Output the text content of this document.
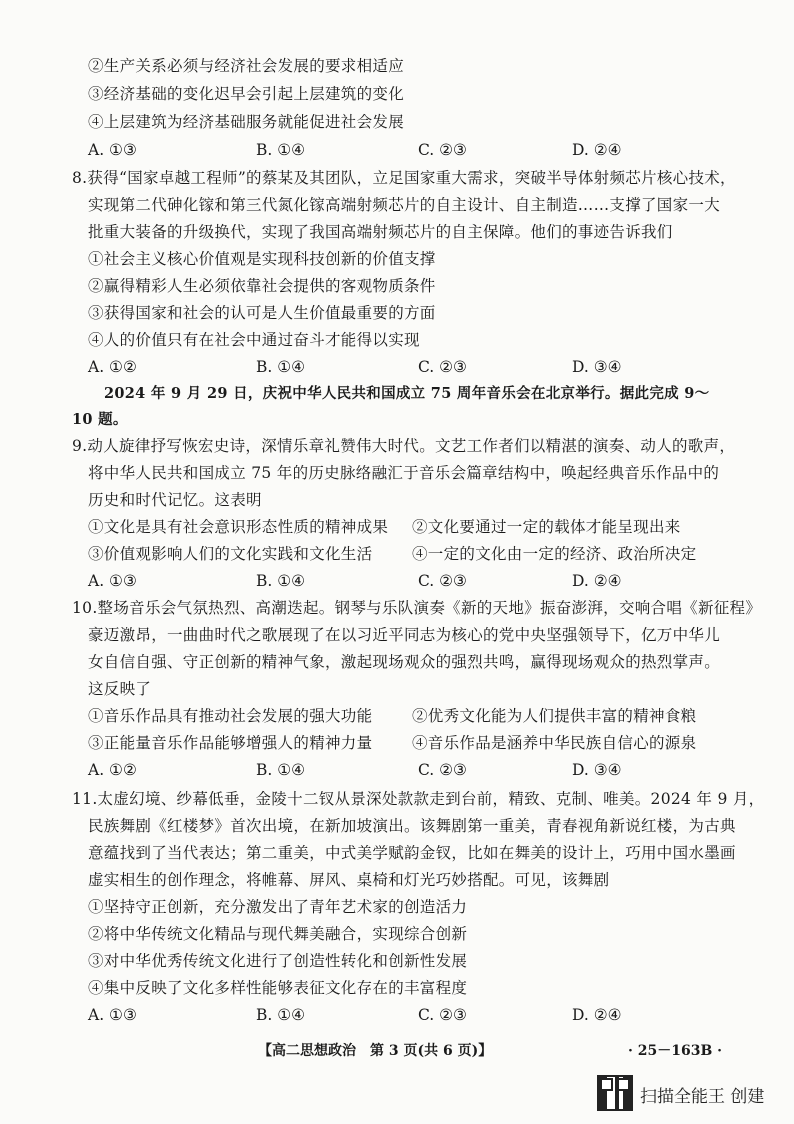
②生产关系必须与经济社会发展的要求相适应
③经济基础的变化迟早会引起上层建筑的变化
④上层建筑为经济基础服务就能促进社会发展
A. ①③	B. ①④	C. ②③	D. ②④
8.获得“国家卓越工程师”的蔡某及其团队，立足国家重大需求，突破半导体射频芯片核心技术，
实现第二代砷化镓和第三代氮化镓高端射频芯片的自主设计、自主制造……支撑了国家一大
批重大装备的升级换代，实现了我国高端射频芯片的自主保障。他们的事迹告诉我们
①社会主义核心价值观是实现科技创新的价值支撑
②赢得精彩人生必须依靠社会提供的客观物质条件
③获得国家和社会的认可是人生价值最重要的方面
④人的价值只有在社会中通过奋斗才能得以实现
A. ①②	B. ①④	C. ②③	D. ③④
2024 年 9 月 29 日，庆祝中华人民共和国成立 75 周年音乐会在北京举行。据此完成 9～
10 题。
9.动人旋律抒写恢宏史诗，深情乐章礼赞伟大时代。文艺工作者们以精湛的演奏、动人的歌声，
将中华人民共和国成立 75 年的历史脉络融汇于音乐会篇章结构中，唤起经典音乐作品中的
历史和时代记忆。这表明
①文化是具有社会意识形态性质的精神成果 ②文化要通过一定的载体才能呈现出来
③价值观影响人们的文化实践和文化生活	④一定的文化由一定的经济、政治所决定
A. ①③	B. ①④	C. ②③	D. ②④
10.整场音乐会气氛热烈、高潮迭起。钢琴与乐队演奏《新的天地》振奋澎湃，交响合唱《新征程》
豪迈激昂，一曲曲时代之歌展现了在以习近平同志为核心的党中央坚强领导下，亿万中华儿
女自信自强、守正创新的精神气象，激起现场观众的强烈共鸣，赢得现场观众的热烈掌声。
这反映了
①音乐作品具有推动社会发展的强大功能	②优秀文化能为人们提供丰富的精神食粮
③正能量音乐作品能够增强人的精神力量	④音乐作品是涵养中华民族自信心的源泉
A. ①②	B. ①④	C. ②③	D. ③④
11.太虚幻境、纱幕低垂，金陵十二钗从景深处款款走到台前，精致、克制、唯美。2024 年 9 月，
民族舞剧《红楼梦》首次出境，在新加坡演出。该舞剧第一重美，青春视角新说红楼，为古典
意蕴找到了当代表达；第二重美，中式美学赋韵金钗，比如在舞美的设计上，巧用中国水墨画
虚实相生的创作理念，将帷幕、屏风、桌椅和灯光巧妙搭配。可见，该舞剧
①坚持守正创新，充分激发出了青年艺术家的创造活力
②将中华传统文化精品与现代舞美融合，实现综合创新
③对中华优秀传统文化进行了创造性转化和创新性发展
④集中反映了文化多样性能够表征文化存在的丰富程度
A. ①③	B. ①④	C. ②③	D. ②④
【高二思想政治　第 3 页(共 6 页)】	· 25－163B ·
扫描全能王 创建
